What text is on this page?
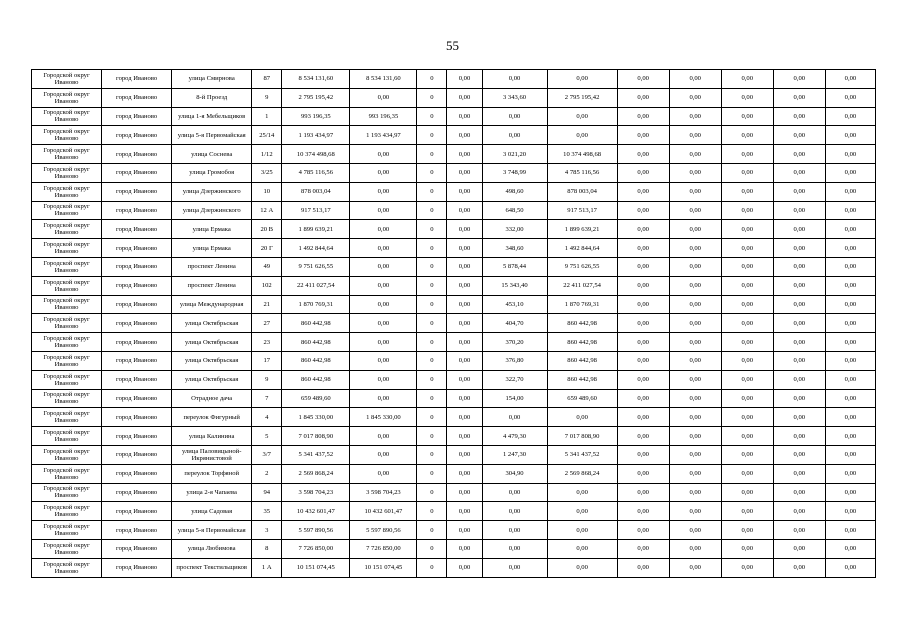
55
Городской округ Иваново	город Иваново	улица Смирнова	87	8 534 131,60	8 534 131,60	0	0,00	0,00	0,00	0,00	0,00	0,00	0,00	0,00
Городской округ Иваново	город Иваново	8-й Проезд	9	2 795 195,42	0,00	0	0,00	3 343,60	2 795 195,42	0,00	0,00	0,00	0,00	0,00
Городской округ Иваново	город Иваново	улица 1-я Мебельщиков	1	993 196,35	993 196,35	0	0,00	0,00	0,00	0,00	0,00	0,00	0,00	0,00
Городской округ Иваново	город Иваново	улица 5-я Первомайская	25/14	1 193 434,97	1 193 434,97	0	0,00	0,00	0,00	0,00	0,00	0,00	0,00	0,00
Городской округ Иваново	город Иваново	улица Соснева	1/12	10 374 498,68	0,00	0	0,00	3 021,20	10 374 498,68	0,00	0,00	0,00	0,00	0,00
Городской округ Иваново	город Иваново	улица Громобоя	3/25	4 785 116,56	0,00	0	0,00	3 748,99	4 785 116,56	0,00	0,00	0,00	0,00	0,00
Городской округ Иваново	город Иваново	улица Дзержинского	10	878 003,04	0,00	0	0,00	498,60	878 003,04	0,00	0,00	0,00	0,00	0,00
Городской округ Иваново	город Иваново	улица Дзержинского	12 А	917 513,17	0,00	0	0,00	648,50	917 513,17	0,00	0,00	0,00	0,00	0,00
Городской округ Иваново	город Иваново	улица Ермака	20 В	1 899 639,21	0,00	0	0,00	332,00	1 899 639,21	0,00	0,00	0,00	0,00	0,00
Городской округ Иваново	город Иваново	улица Ермака	20 Г	1 492 844,64	0,00	0	0,00	348,60	1 492 844,64	0,00	0,00	0,00	0,00	0,00
Городской округ Иваново	город Иваново	проспект Ленина	49	9 751 626,55	0,00	0	0,00	5 878,44	9 751 626,55	0,00	0,00	0,00	0,00	0,00
Городской округ Иваново	город Иваново	проспект Ленина	102	22 411 027,54	0,00	0	0,00	15 343,40	22 411 027,54	0,00	0,00	0,00	0,00	0,00
Городской округ Иваново	город Иваново	улица Международная	21	1 870 769,31	0,00	0	0,00	453,10	1 870 769,31	0,00	0,00	0,00	0,00	0,00
Городской округ Иваново	город Иваново	улица Октябрьская	27	860 442,98	0,00	0	0,00	404,70	860 442,98	0,00	0,00	0,00	0,00	0,00
Городской округ Иваново	город Иваново	улица Октябрьская	23	860 442,98	0,00	0	0,00	370,20	860 442,98	0,00	0,00	0,00	0,00	0,00
Городской округ Иваново	город Иваново	улица Октябрьская	17	860 442,98	0,00	0	0,00	376,80	860 442,98	0,00	0,00	0,00	0,00	0,00
Городской округ Иваново	город Иваново	улица Октябрьская	9	860 442,98	0,00	0	0,00	322,70	860 442,98	0,00	0,00	0,00	0,00	0,00
Городской округ Иваново	город Иваново	Отрадное дача	7	659 489,60	0,00	0	0,00	154,00	659 489,60	0,00	0,00	0,00	0,00	0,00
Городской округ Иваново	город Иваново	переулок Фигурный	4	1 845 330,00	1 845 330,00	0	0,00	0,00	0,00	0,00	0,00	0,00	0,00	0,00
Городской округ Иваново	город Иваново	улица Калинина	5	7 017 808,90	0,00	0	0,00	4 479,30	7 017 808,90	0,00	0,00	0,00	0,00	0,00
Городской округ Иваново	город Иваново	улица Паловицыной-Икрянистовой	3/7	5 341 437,52	0,00	0	0,00	1 247,30	5 341 437,52	0,00	0,00	0,00	0,00	0,00
Городской округ Иваново	город Иваново	переулок Торфяной	2	2 569 868,24	0,00	0	0,00	304,90	2 569 868,24	0,00	0,00	0,00	0,00	0,00
Городской округ Иваново	город Иваново	улица 2-я Чапаева	94	3 598 704,23	3 598 704,23	0	0,00	0,00	0,00	0,00	0,00	0,00	0,00	0,00
Городской округ Иваново	город Иваново	улица Садовая	35	10 432 601,47	10 432 601,47	0	0,00	0,00	0,00	0,00	0,00	0,00	0,00	0,00
Городской округ Иваново	город Иваново	улица 5-я Первомайская	3	5 597 890,56	5 597 890,56	0	0,00	0,00	0,00	0,00	0,00	0,00	0,00	0,00
Городской округ Иваново	город Иваново	улица Любимова	8	7 726 850,00	7 726 850,00	0	0,00	0,00	0,00	0,00	0,00	0,00	0,00	0,00
Городской округ Иваново	город Иваново	проспект Текстильщиков	1 А	10 151 074,45	10 151 074,45	0	0,00	0,00	0,00	0,00	0,00	0,00	0,00	0,00
